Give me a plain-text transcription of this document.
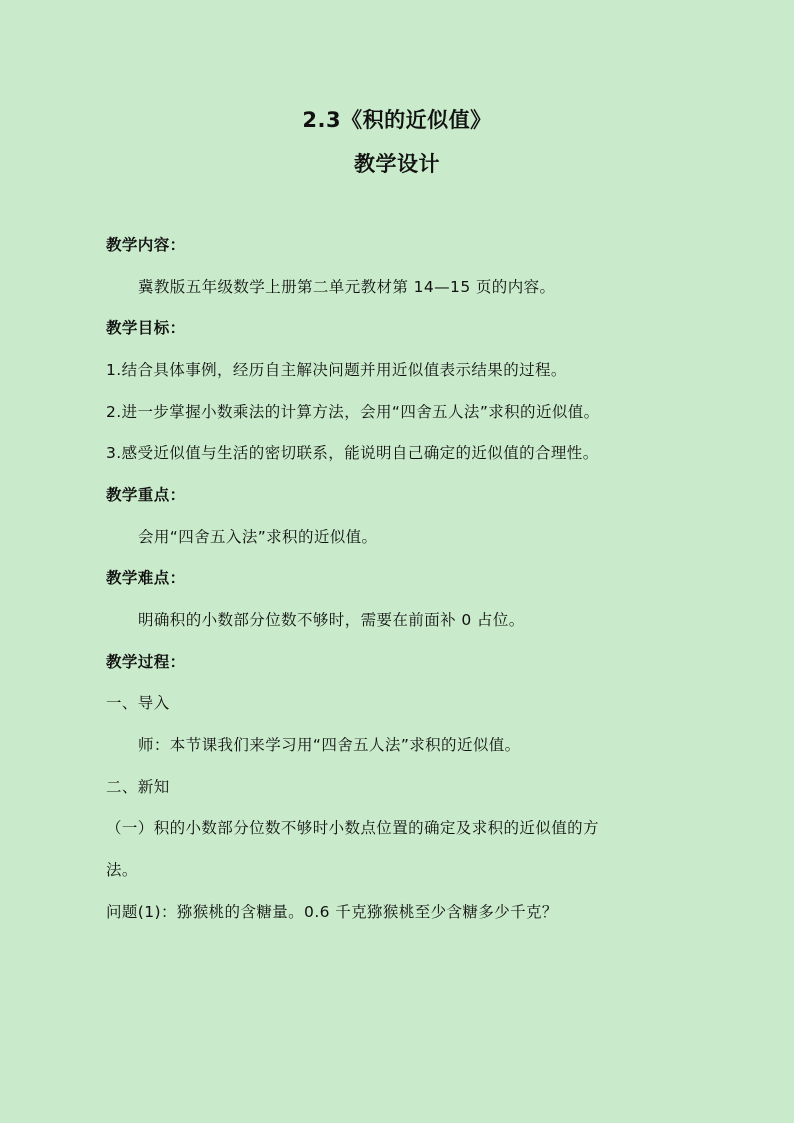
2.3《积的近似值》
教学设计
教学内容：
冀教版五年级数学上册第二单元教材第 14—15 页的内容。
教学目标：
1.结合具体事例，经历自主解决问题并用近似值表示结果的过程。
2.进一步掌握小数乘法的计算方法，会用“四舍五人法”求积的近似值。
3.感受近似值与生活的密切联系，能说明自己确定的近似值的合理性。
教学重点：
会用“四舍五入法”求积的近似值。
教学难点：
明确积的小数部分位数不够时，需要在前面补 0 占位。
教学过程：
一、导入
师：本节课我们来学习用“四舍五人法”求积的近似值。
二、新知
（一）积的小数部分位数不够时小数点位置的确定及求积的近似值的方
法。
问题(1)：猕猴桃的含糖量。0.6 千克猕猴桃至少含糖多少千克？
